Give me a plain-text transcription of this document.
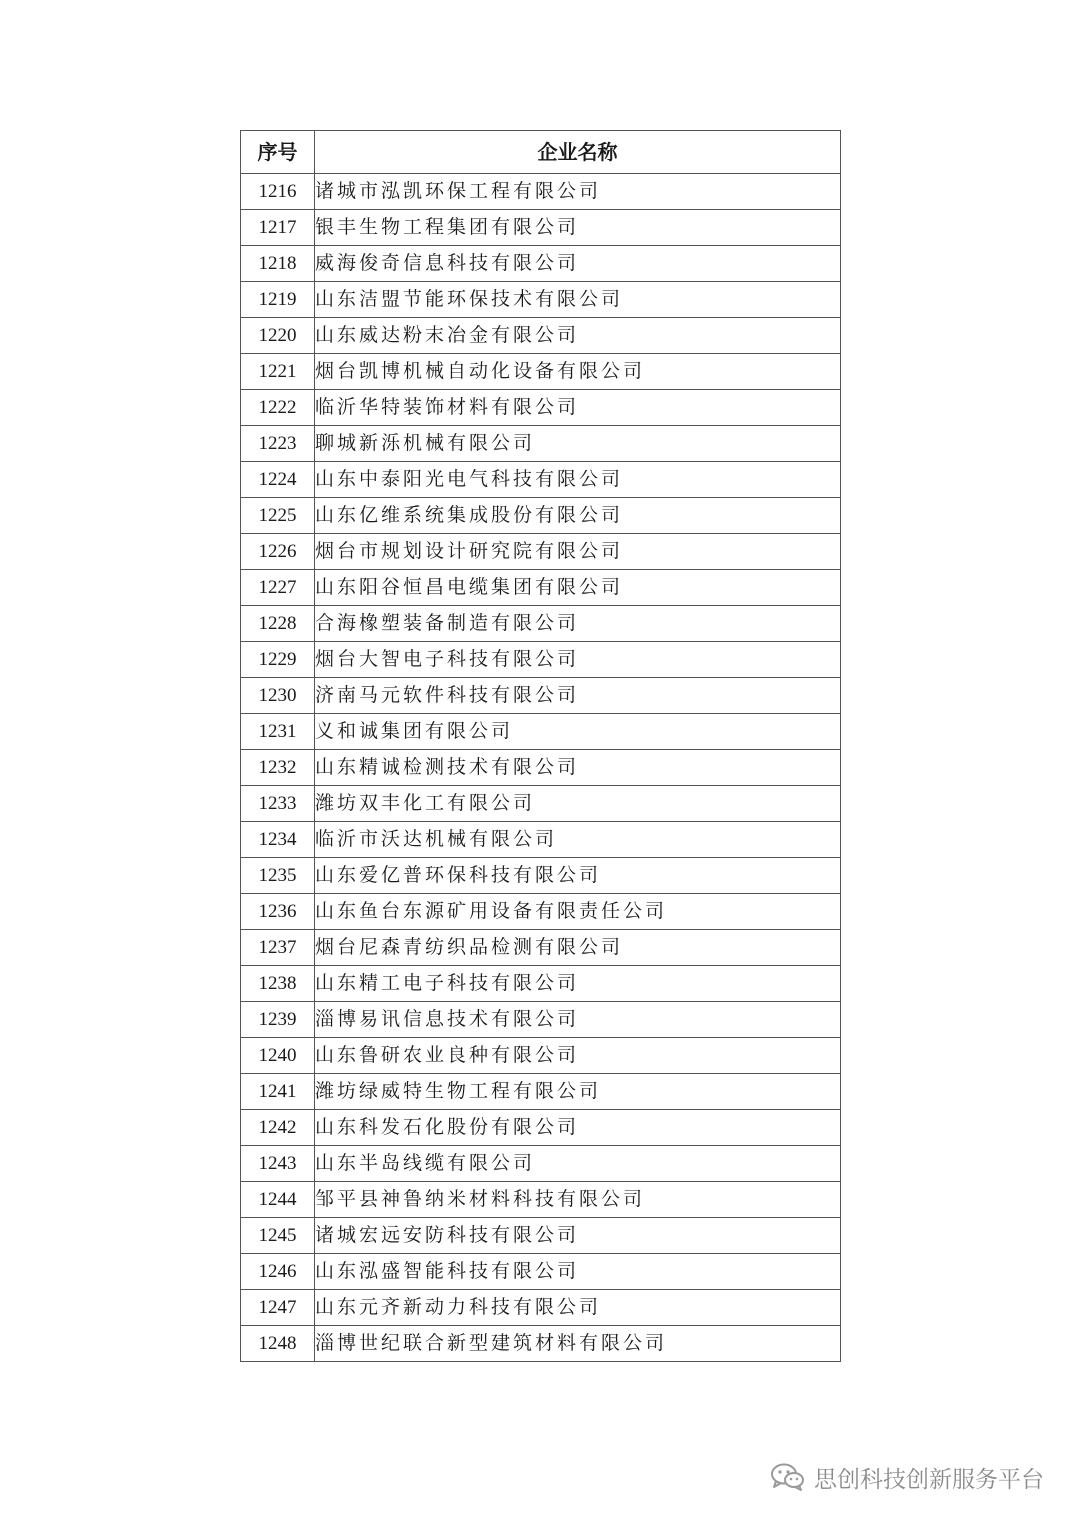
序号	企业名称
1216	诸城市泓凯环保工程有限公司
1217	银丰生物工程集团有限公司
1218	威海俊奇信息科技有限公司
1219	山东洁盟节能环保技术有限公司
1220	山东威达粉末冶金有限公司
1221	烟台凯博机械自动化设备有限公司
1222	临沂华特装饰材料有限公司
1223	聊城新泺机械有限公司
1224	山东中泰阳光电气科技有限公司
1225	山东亿维系统集成股份有限公司
1226	烟台市规划设计研究院有限公司
1227	山东阳谷恒昌电缆集团有限公司
1228	合海橡塑装备制造有限公司
1229	烟台大智电子科技有限公司
1230	济南马元软件科技有限公司
1231	义和诚集团有限公司
1232	山东精诚检测技术有限公司
1233	潍坊双丰化工有限公司
1234	临沂市沃达机械有限公司
1235	山东爱亿普环保科技有限公司
1236	山东鱼台东源矿用设备有限责任公司
1237	烟台尼森青纺织品检测有限公司
1238	山东精工电子科技有限公司
1239	淄博易讯信息技术有限公司
1240	山东鲁研农业良种有限公司
1241	潍坊绿威特生物工程有限公司
1242	山东科发石化股份有限公司
1243	山东半岛线缆有限公司
1244	邹平县神鲁纳米材料科技有限公司
1245	诸城宏远安防科技有限公司
1246	山东泓盛智能科技有限公司
1247	山东元齐新动力科技有限公司
1248	淄博世纪联合新型建筑材料有限公司
思创科技创新服务平台
